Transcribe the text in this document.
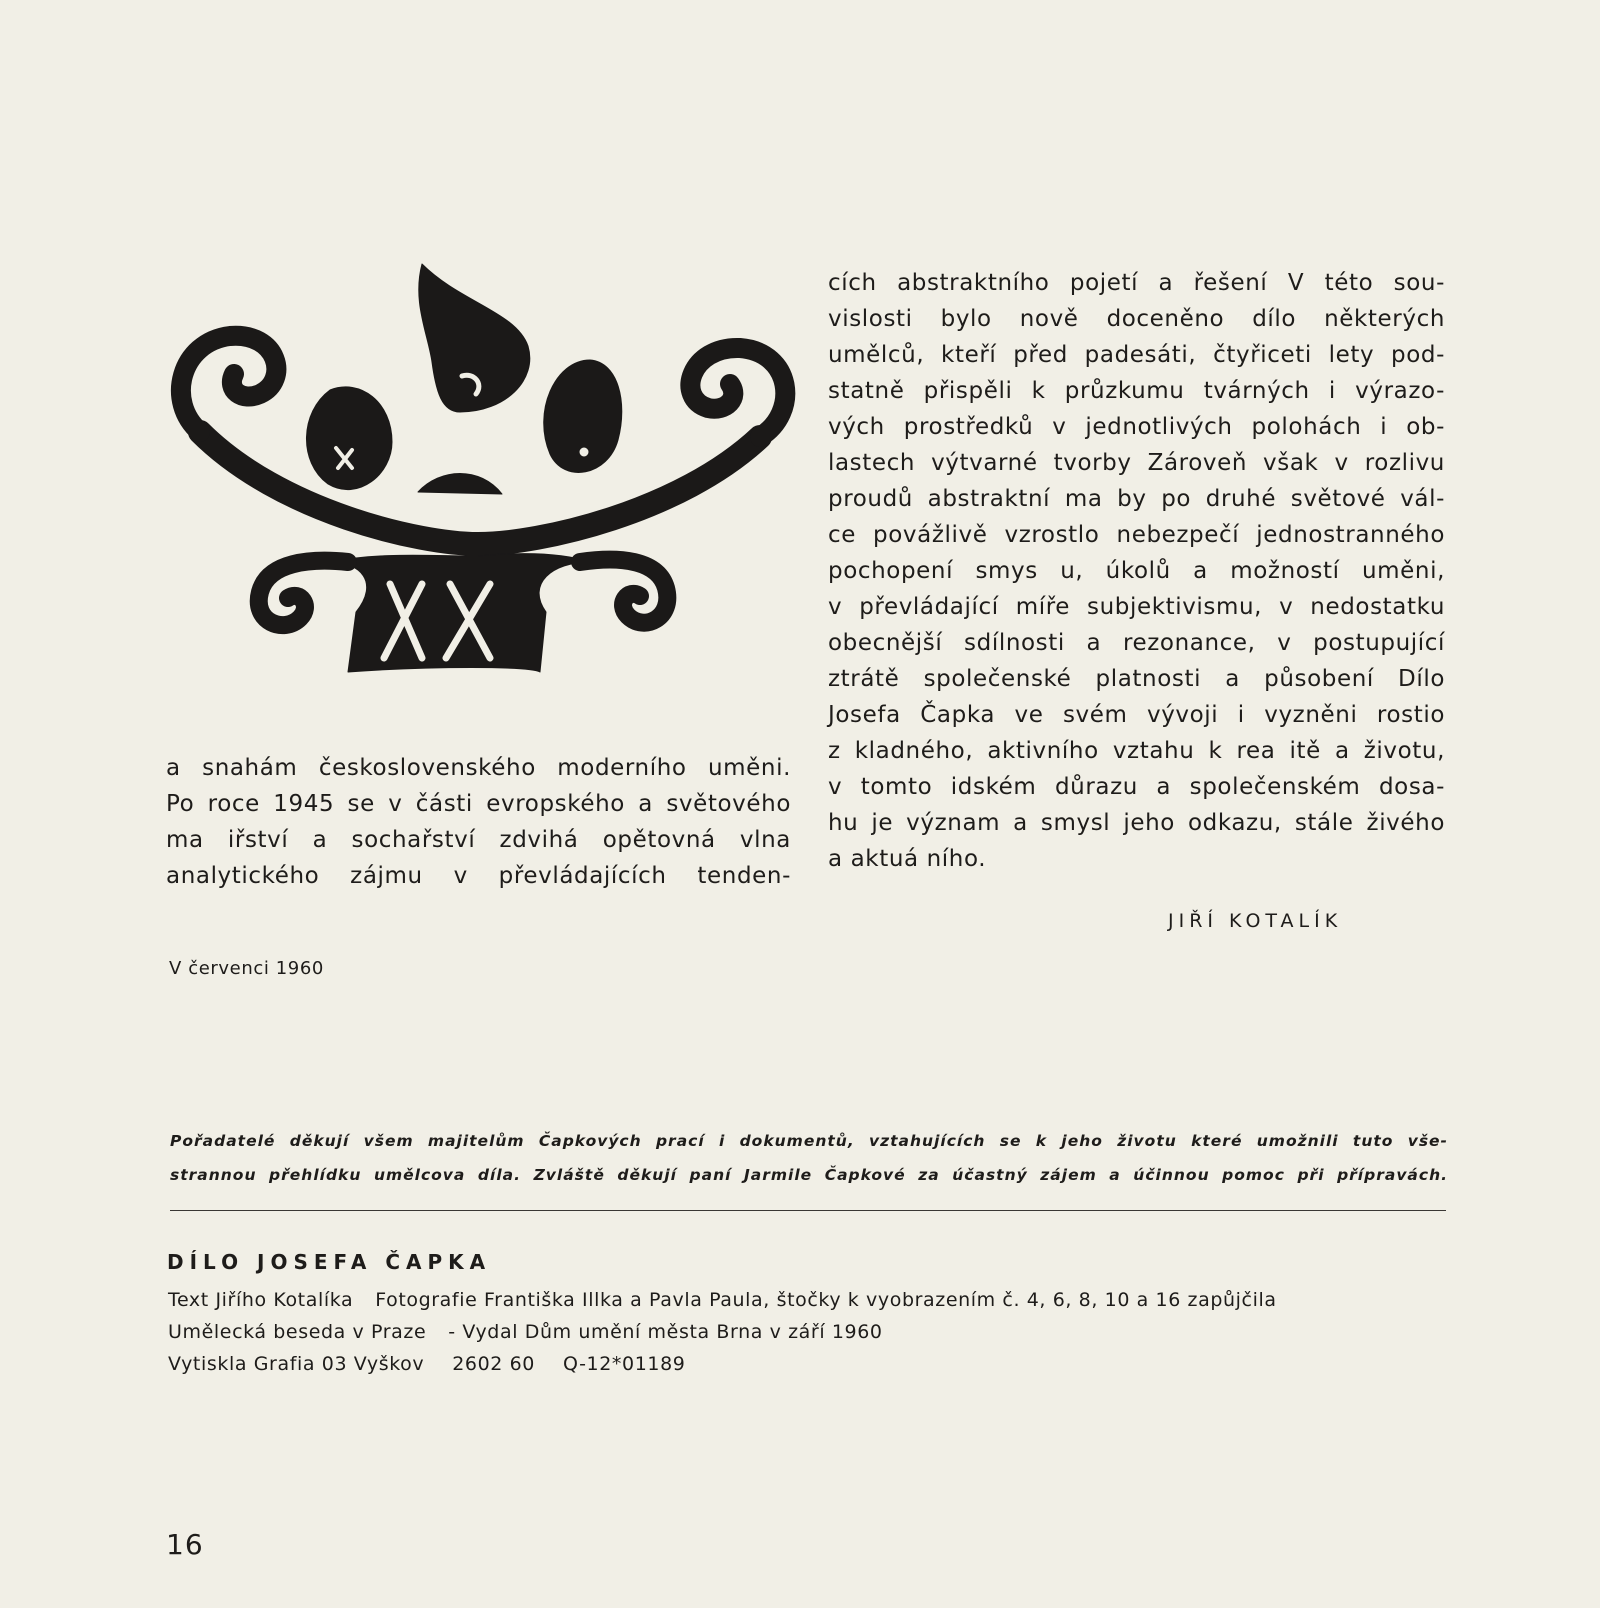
a snahám československého moderního uměni.
Po roce 1945 se v části evropského a světového
ma iřství a sochařství zdvihá opětovná vlna
analytického zájmu v převládajících tenden-
cích abstraktního pojetí a řešení V této sou-
vislosti bylo nově doceněno dílo některých
umělců, kteří před padesáti, čtyřiceti lety pod-
statně přispěli k průzkumu tvárných i výrazo-
vých prostředků v jednotlivých polohách i ob-
lastech výtvarné tvorby Zároveň však v rozlivu
proudů abstraktní ma by po druhé světové vál-
ce povážlivě vzrostlo nebezpečí jednostranného
pochopení smys u, úkolů a možností uměni,
v převládající míře subjektivismu, v nedostatku
obecnější sdílnosti a rezonance, v postupující
ztrátě společenské platnosti a působení Dílo
Josefa Čapka ve svém vývoji i vyzněni rostio
z kladného, aktivního vztahu k rea itě a životu,
v tomto idském důrazu a společenském dosa-
hu je význam a smysl jeho odkazu, stále živého
a aktuá ního.
JIŘÍ KOTALÍK
V červenci 1960
Pořadatelé děkují všem majitelům Čapkových prací i dokumentů, vztahujících se k jeho životu které umožnili tuto vše-
strannou přehlídku umělcova díla. Zvláště děkují paní Jarmile Čapkové za účastný zájem a účinnou pomoc při přípravách.
DÍLO JOSEFA ČAPKA
Text Jiřího Kotalíka Fotografie Františka Illka a Pavla Paula, štočky k vyobrazením č. 4, 6, 8, 10 a 16 zapůjčila
Umělecká beseda v Praze - Vydal Dům umění města Brna v září 1960
Vytiskla Grafia 03 Vyškov 2602 60 Q-12*01189
16
